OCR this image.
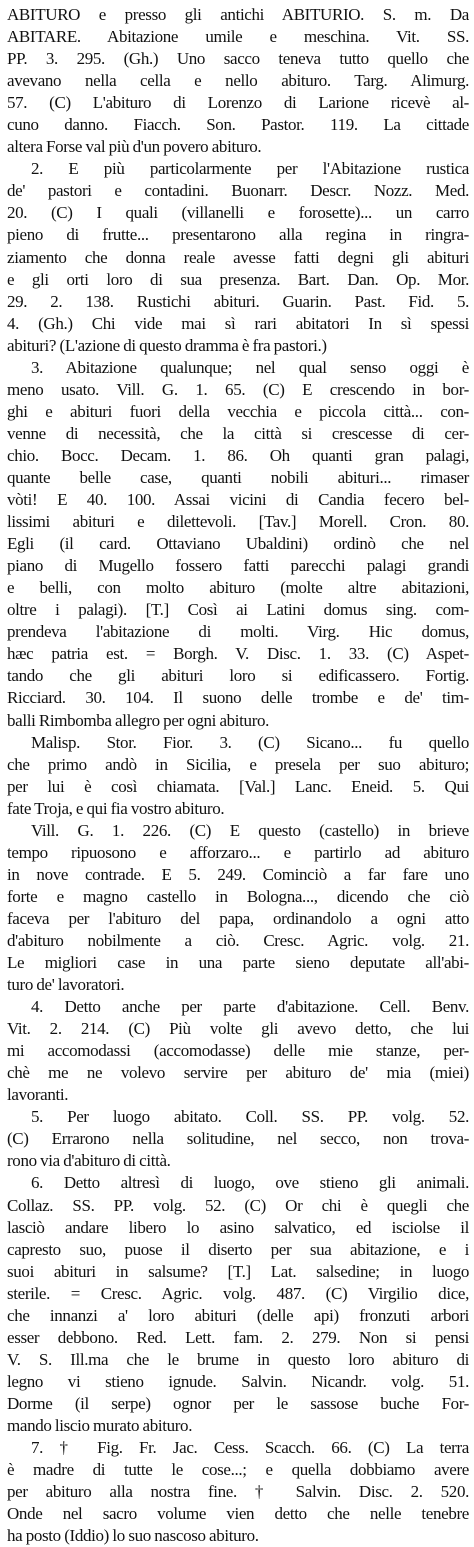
ABITURO e presso gli antichi ABITURIO. S. m. Da
ABITARE. Abitazione umile e meschina. Vit. SS.
PP. 3. 295. (Gh.) Uno sacco teneva tutto quello che
avevano nella cella e nello abituro. Targ. Alimurg.
57. (C) L'abituro di Lorenzo di Larione ricevè al-
cuno danno. Fiacch. Son. Pastor. 119. La cittade
altera Forse val più d'un povero abituro.
2. E più particolarmente per l'Abitazione rustica
de' pastori e contadini. Buonarr. Descr. Nozz. Med.
20. (C) I quali (villanelli e forosette)... un carro
pieno di frutte... presentarono alla regina in ringra-
ziamento che donna reale avesse fatti degni gli abituri
e gli orti loro di sua presenza. Bart. Dan. Op. Mor.
29. 2. 138. Rustichi abituri. Guarin. Past. Fid. 5.
4. (Gh.) Chi vide mai sì rari abitatori In sì spessi
abituri? (L'azione di questo dramma è fra pastori.)
3. Abitazione qualunque; nel qual senso oggi è
meno usato. Vill. G. 1. 65. (C) E crescendo in bor-
ghi e abituri fuori della vecchia e piccola città... con-
venne di necessità, che la città si crescesse di cer-
chio. Bocc. Decam. 1. 86. Oh quanti gran palagi,
quante belle case, quanti nobili abituri... rimaser
vòti! E 40. 100. Assai vicini di Candia fecero bel-
lissimi abituri e dilettevoli. [Tav.] Morell. Cron. 80.
Egli (il card. Ottaviano Ubaldini) ordinò che nel
piano di Mugello fossero fatti parecchi palagi grandi
e belli, con molto abituro (molte altre abitazioni,
oltre i palagi). [T.] Così ai Latini domus sing. com-
prendeva l'abitazione di molti. Virg. Hic domus,
hæc patria est. = Borgh. V. Disc. 1. 33. (C) Aspet-
tando che gli abituri loro si edificassero. Fortig.
Ricciard. 30. 104. Il suono delle trombe e de' tim-
balli Rimbomba allegro per ogni abituro.
Malisp. Stor. Fior. 3. (C) Sicano... fu quello
che primo andò in Sicilia, e presela per suo abituro;
per lui è così chiamata. [Val.] Lanc. Eneid. 5. Qui
fate Troja, e qui fia vostro abituro.
Vill. G. 1. 226. (C) E questo (castello) in brieve
tempo ripuosono e afforzaro... e partirlo ad abituro
in nove contrade. E 5. 249. Cominciò a far fare uno
forte e magno castello in Bologna..., dicendo che ciò
faceva per l'abituro del papa, ordinandolo a ogni atto
d'abituro nobilmente a ciò. Cresc. Agric. volg. 21.
Le migliori case in una parte sieno deputate all'abi-
turo de' lavoratori.
4. Detto anche per parte d'abitazione. Cell. Benv.
Vit. 2. 214. (C) Più volte gli avevo detto, che lui
mi accomodassi (accomodasse) delle mie stanze, per-
chè me ne volevo servire per abituro de' mia (miei)
lavoranti.
5. Per luogo abitato. Coll. SS. PP. volg. 52.
(C) Errarono nella solitudine, nel secco, non trova-
rono via d'abituro di città.
6. Detto altresì di luogo, ove stieno gli animali.
Collaz. SS. PP. volg. 52. (C) Or chi è quegli che
lasciò andare libero lo asino salvatico, ed isciolse il
capresto suo, puose il diserto per sua abitazione, e i
suoi abituri in salsume? [T.] Lat. salsedine; in luogo
sterile. = Cresc. Agric. volg. 487. (C) Virgilio dice,
che innanzi a' loro abituri (delle api) fronzuti arbori
esser debbono. Red. Lett. fam. 2. 279. Non si pensi
V. S. Ill.ma che le brume in questo loro abituro di
legno vi stieno ignude. Salvin. Nicandr. volg. 51.
Dorme (il serpe) ognor per le sassose buche For-
mando liscio murato abituro.
7. † Fig. Fr. Jac. Cess. Scacch. 66. (C) La terra
è madre di tutte le cose...; e quella dobbiamo avere
per abituro alla nostra fine. † Salvin. Disc. 2. 520.
Onde nel sacro volume vien detto che nelle tenebre
ha posto (Iddio) lo suo nascoso abituro.
